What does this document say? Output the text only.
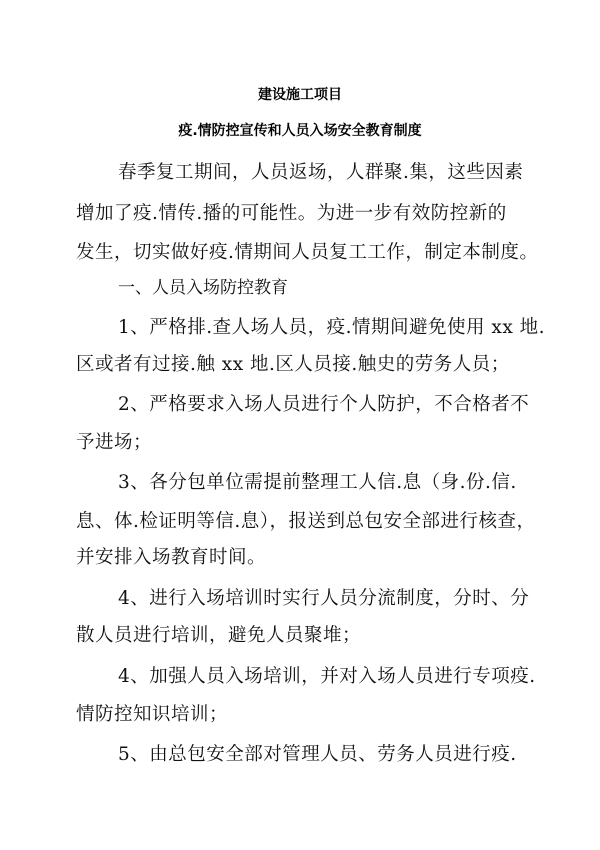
建设施工项目
疫.情防控宣传和人员入场安全教育制度
春季复工期间，人员返场，人群聚.集，这些因素
增加了疫.情传.播的可能性。为进一步有效防控新的
发生，切实做好疫.情期间人员复工工作，制定本制度。
一、人员入场防控教育
1、严格排.查人场人员，疫.情期间避免使用 xx 地.
区或者有过接.触 xx 地.区人员接.触史的劳务人员；
2、严格要求入场人员进行个人防护，不合格者不
予进场；
3、各分包单位需提前整理工人信.息（身.份.信.
息、体.检证明等信.息），报送到总包安全部进行核查，
并安排入场教育时间。
4、进行入场培训时实行人员分流制度，分时、分
散人员进行培训，避免人员聚堆；
4、加强人员入场培训，并对入场人员进行专项疫.
情防控知识培训；
5、由总包安全部对管理人员、劳务人员进行疫.
